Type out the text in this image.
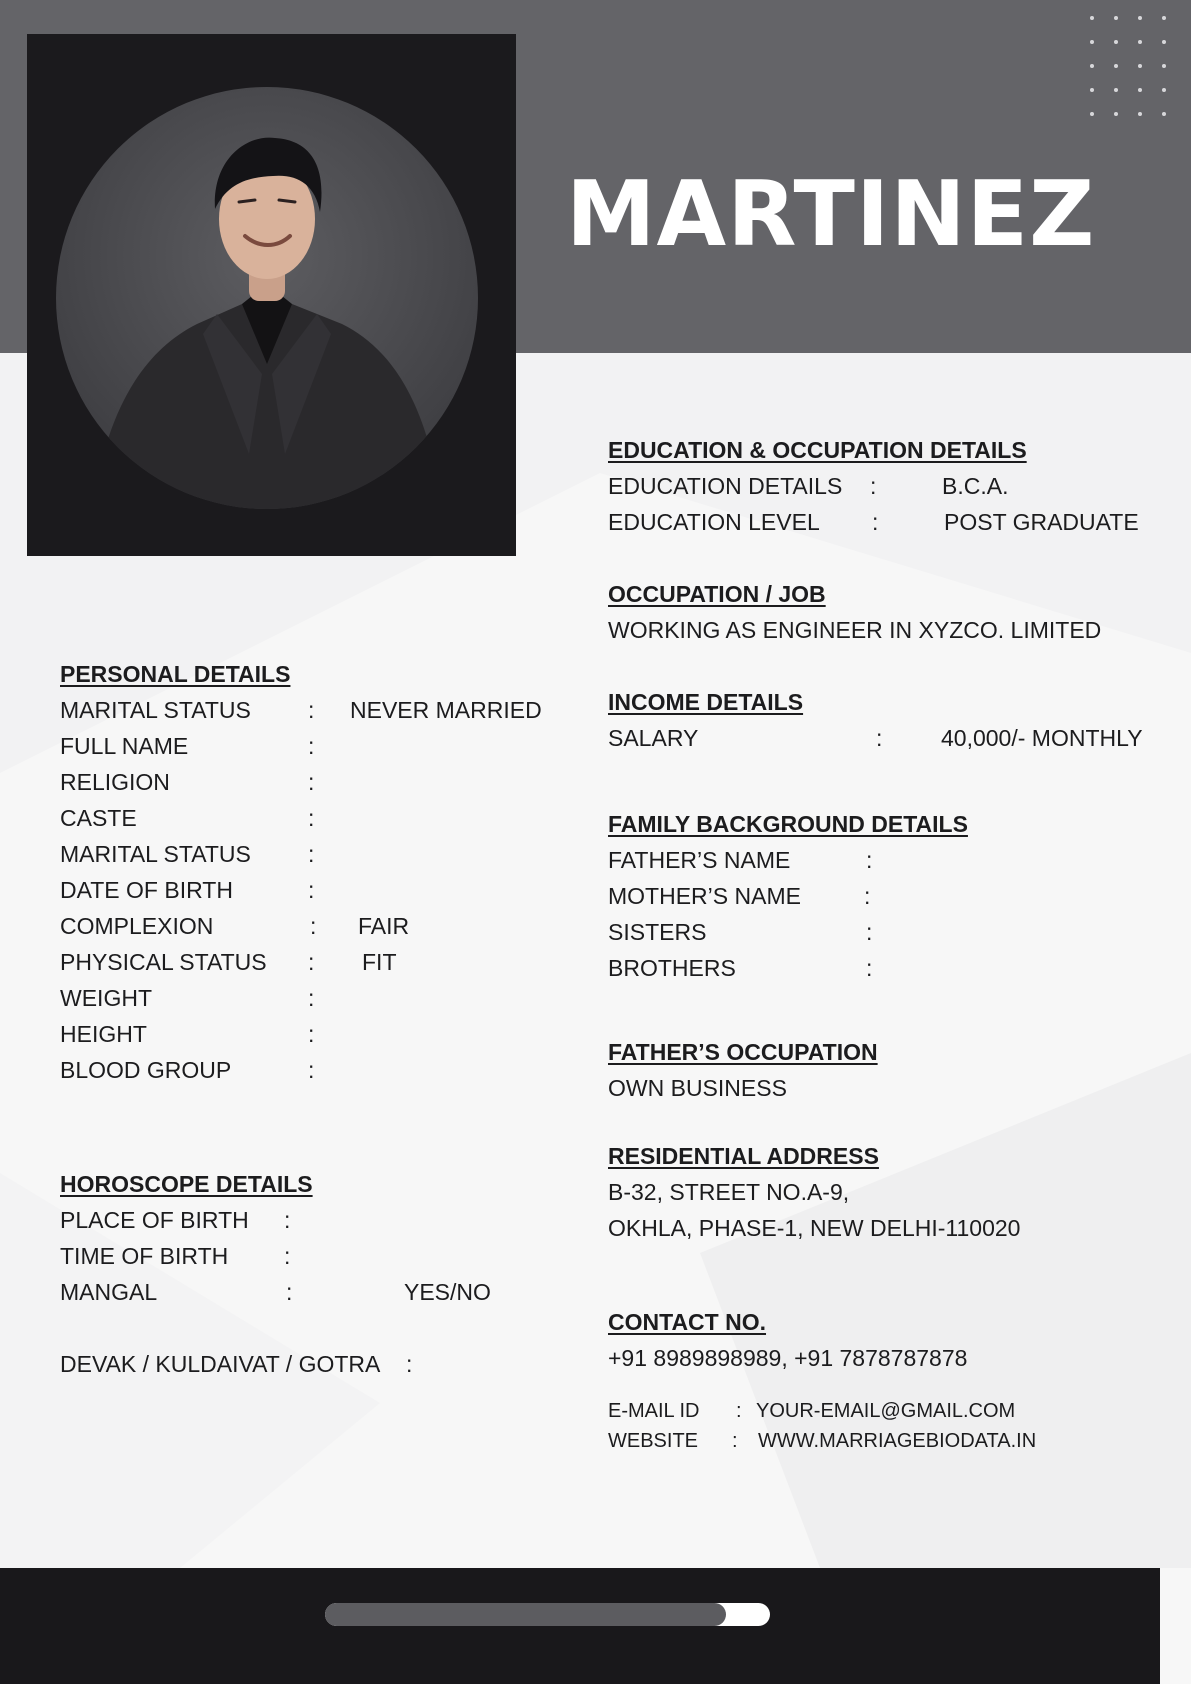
MARTINEZ
PERSONAL DETAILS
MARITAL STATUS : NEVER MARRIED
FULL NAME	:
RELIGION	:
CASTE	:
MARITAL STATUS :
DATE OF BIRTH	:
COMPLEXION	: FAIR
PHYSICAL STATUS : FIT
WEIGHT	:
HEIGHT	:
BLOOD GROUP	:
HOROSCOPE DETAILS
PLACE OF BIRTH :
TIME OF BIRTH :
MANGAL	:	YES/NO
DEVAK / KULDAIVAT / GOTRA :
EDUCATION & OCCUPATION DETAILS
EDUCATION DETAILS :	B.C.A.
EDUCATION LEVEL :	POST GRADUATE
OCCUPATION / JOB
WORKING AS ENGINEER IN XYZCO. LIMITED
INCOME DETAILS
SALARY	:	40,000/- MONTHLY
FAMILY BACKGROUND DETAILS
FATHER’S NAME	:
MOTHER’S NAME	:
SISTERS	:
BROTHERS	:
FATHER’S OCCUPATION
OWN BUSINESS
RESIDENTIAL ADDRESS
B-32, STREET NO.A-9,
OKHLA, PHASE-1, NEW DELHI-110020
CONTACT NO.
+91 8989898989, +91 7878787878
E-MAIL ID : YOUR-EMAIL@GMAIL.COM
WEBSITE : WWW.MARRIAGEBIODATA.IN
